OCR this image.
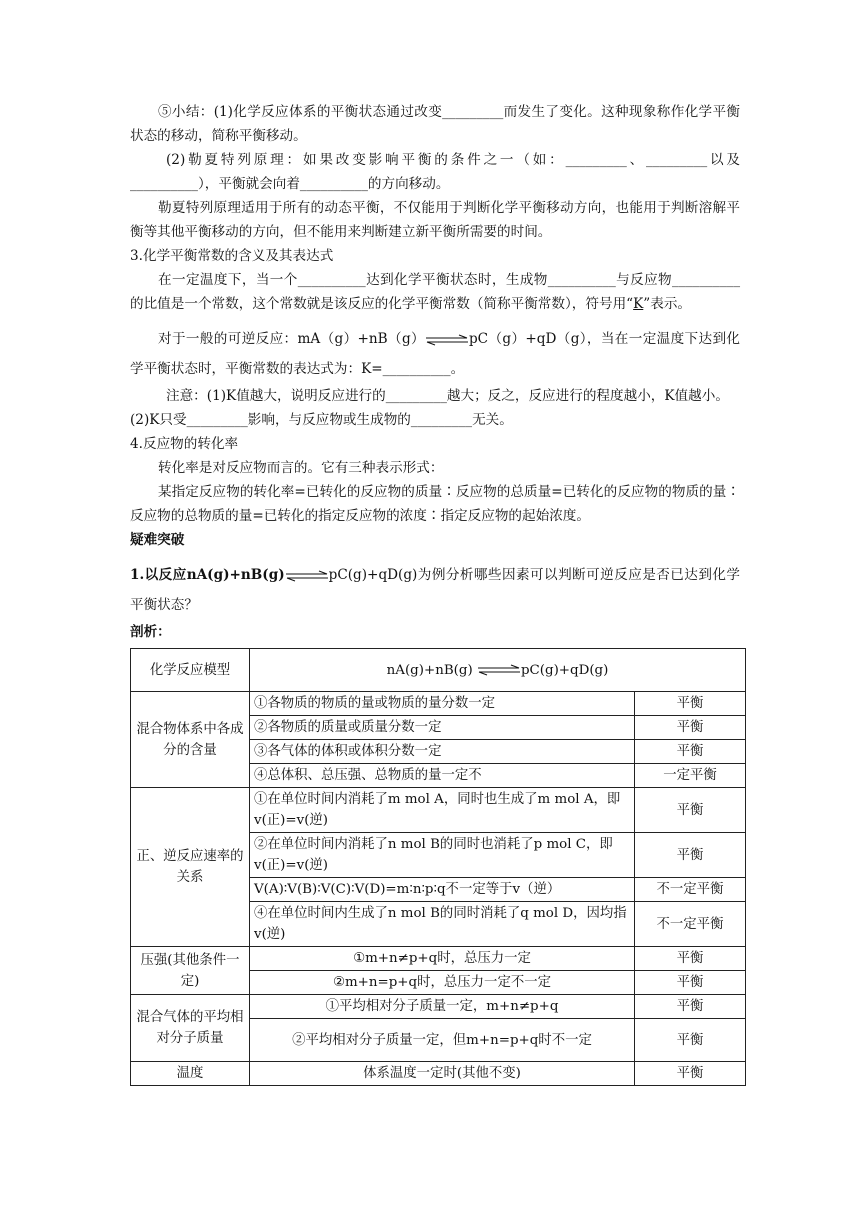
⑤小结：(1)化学反应体系的平衡状态通过改变_________而发生了变化。这种现象称作化学平衡状态的移动，简称平衡移动。

(2)勒夏特列原理：如果改变影响平衡的条件之一（如：_________、_________以及__________），平衡就会向着__________的方向移动。

勒夏特列原理适用于所有的动态平衡，不仅能用于判断化学平衡移动方向，也能用于判断溶解平衡等其他平衡移动的方向，但不能用来判断建立新平衡所需要的时间。

3.化学平衡常数的含义及其表达式

在一定温度下，当一个__________达到化学平衡状态时，生成物__________与反应物__________的比值是一个常数，这个常数就是该反应的化学平衡常数（简称平衡常数），符号用“K”表示。

对于一般的可逆反应：mA（g）+nB（g）⇌pC（g）+qD（g），当在一定温度下达到化学平衡状态时，平衡常数的表达式为：K=__________。

注意：(1)K值越大，说明反应进行的_________越大；反之，反应进行的程度越小，K值越小。

(2)K只受_________影响，与反应物或生成物的_________无关。

4.反应物的转化率

转化率是对反应物而言的。它有三种表示形式：

某指定反应物的转化率=已转化的反应物的质量∶反应物的总质量=已转化的反应物的物质的量∶反应物的总物质的量=已转化的指定反应物的浓度∶指定反应物的起始浓度。

疑难突破

1.以反应nA(g)+nB(g)⇌pC(g)+qD(g)为例分析哪些因素可以判断可逆反应是否已达到化学平衡状态？

剖析：

化学反应模型	nA(g)+nB(g) ⇌pC(g)+qD(g)	
混合物体系中各成分的含量	①各物质的物质的量或物质的量分数一定	平衡
	②各物质的质量或质量分数一定	平衡
	③各气体的体积或体积分数一定	平衡
	④总体积、总压强、总物质的量一定不	一定平衡
正、逆反应速率的关系	①在单位时间内消耗了m mol A，同时也生成了m mol A，即v(正)=v(逆)	平衡
	②在单位时间内消耗了n mol B的同时也消耗了p mol C，即v(正)=v(逆)	平衡
	V(A)∶V(B)∶V(C)∶V(D)=m∶n∶p∶q不一定等于v（逆）	不一定平衡
	④在单位时间内生成了n mol B的同时消耗了q mol D，因均指v(逆)	不一定平衡
压强(其他条件一定)	①m+n≠p+q时，总压力一定	平衡
	②m+n=p+q时，总压力一定不一定	平衡
混合气体的平均相对分子质量	①平均相对分子质量一定，m+n≠p+q	平衡
	②平均相对分子质量一定，但m+n=p+q时不一定	平衡
温度	体系温度一定时(其他不变)	平衡
